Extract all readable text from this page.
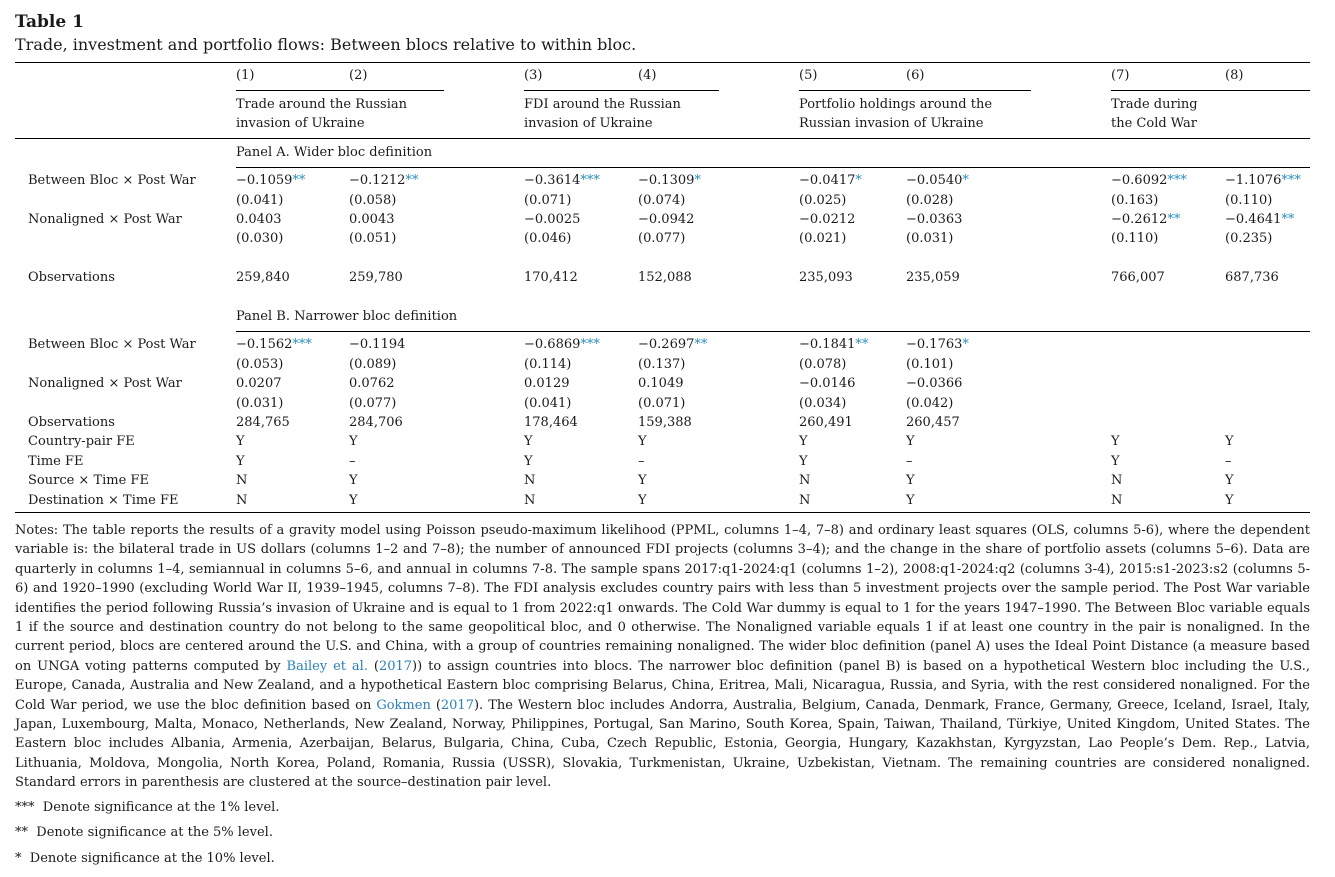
Table 1
Trade, investment and portfolio flows: Between blocs relative to within bloc.
(1)	(2)	(3)	(4)	(5)	(6)	(7)	(8)
Trade around the Russian
invasion of Ukraine
FDI around the Russian
invasion of Ukraine
Portfolio holdings around the
Russian invasion of Ukraine
Trade during
the Cold War
Panel A. Wider bloc definition
Panel B. Narrower bloc definition
Between Bloc × Post War	−0.1059**	−0.1212**	−0.3614***	−0.1309*	−0.0417*	−0.0540*	−0.6092***	−1.1076***
(0.041)	(0.058)	(0.071)	(0.074)	(0.025)	(0.028)	(0.163)	(0.110)
Nonaligned × Post War	0.0403	0.0043	−0.0025	−0.0942	−0.0212	−0.0363	−0.2612**	−0.4641**
(0.030)	(0.051)	(0.046)	(0.077)	(0.021)	(0.031)	(0.110)	(0.235)
Observations	259,840	259,780	170,412	152,088	235,093	235,059	766,007	687,736
Between Bloc × Post War	−0.1562***	−0.1194	−0.6869***	−0.2697**	−0.1841**	−0.1763*
(0.053)	(0.089)	(0.114)	(0.137)	(0.078)	(0.101)
Nonaligned × Post War	0.0207	0.0762	0.0129	0.1049	−0.0146	−0.0366
(0.031)	(0.077)	(0.041)	(0.071)	(0.034)	(0.042)
Observations	284,765	284,706	178,464	159,388	260,491	260,457
Country-pair FE	Y	Y	Y	Y	Y	Y	Y	Y
Time FE	Y	–	Y	–	Y	–	Y	–
Source × Time FE	N	Y	N	Y	N	Y	N	Y
Destination × Time FE	N	Y	N	Y	N	Y	N	Y
Notes: The table reports the results of a gravity model using Poisson pseudo-maximum likelihood (PPML, columns 1–4, 7–8) and ordinary least squares (OLS, columns 5-6), where the dependent variable is: the bilateral trade in US dollars (columns 1–2 and 7–8); the number of announced FDI projects (columns 3–4); and the change in the share of portfolio assets (columns 5–6). Data are quarterly in columns 1–4, semiannual in columns 5–6, and annual in columns 7-8. The sample spans 2017:q1-2024:q1 (columns 1–2), 2008:q1-2024:q2 (columns 3-4), 2015:s1-2023:s2 (columns 5-6) and 1920–1990 (excluding World War II, 1939–1945, columns 7–8). The FDI analysis excludes country pairs with less than 5 investment projects over the sample period. The Post War variable identifies the period following Russia’s invasion of Ukraine and is equal to 1 from 2022:q1 onwards. The Cold War dummy is equal to 1 for the years 1947–1990. The Between Bloc variable equals 1 if the source and destination country do not belong to the same geopolitical bloc, and 0 otherwise. The Nonaligned variable equals 1 if at least one country in the pair is nonaligned. In the current period, blocs are centered around the U.S. and China, with a group of countries remaining nonaligned. The wider bloc definition (panel A) uses the Ideal Point Distance (a measure based on UNGA voting patterns computed by Bailey et al. (2017)) to assign countries into blocs. The narrower bloc definition (panel B) is based on a hypothetical Western bloc including the U.S., Europe, Canada, Australia and New Zealand, and a hypothetical Eastern bloc comprising Belarus, China, Eritrea, Mali, Nicaragua, Russia, and Syria, with the rest considered nonaligned. For the Cold War period, we use the bloc definition based on Gokmen (2017). The Western bloc includes Andorra, Australia, Belgium, Canada, Denmark, France, Germany, Greece, Iceland, Israel, Italy, Japan, Luxembourg, Malta, Monaco, Netherlands, New Zealand, Norway, Philippines, Portugal, San Marino, South Korea, Spain, Taiwan, Thailand, Türkiye, United Kingdom, United States. The Eastern bloc includes Albania, Armenia, Azerbaijan, Belarus, Bulgaria, China, Cuba, Czech Republic, Estonia, Georgia, Hungary, Kazakhstan, Kyrgyzstan, Lao People’s Dem. Rep., Latvia, Lithuania, Moldova, Mongolia, North Korea, Poland, Romania, Russia (USSR), Slovakia, Turkmenistan, Ukraine, Uzbekistan, Vietnam. The remaining countries are considered nonaligned. Standard errors in parenthesis are clustered at the source–destination pair level.
*** Denote significance at the 1% level.
** Denote significance at the 5% level.
* Denote significance at the 10% level.
